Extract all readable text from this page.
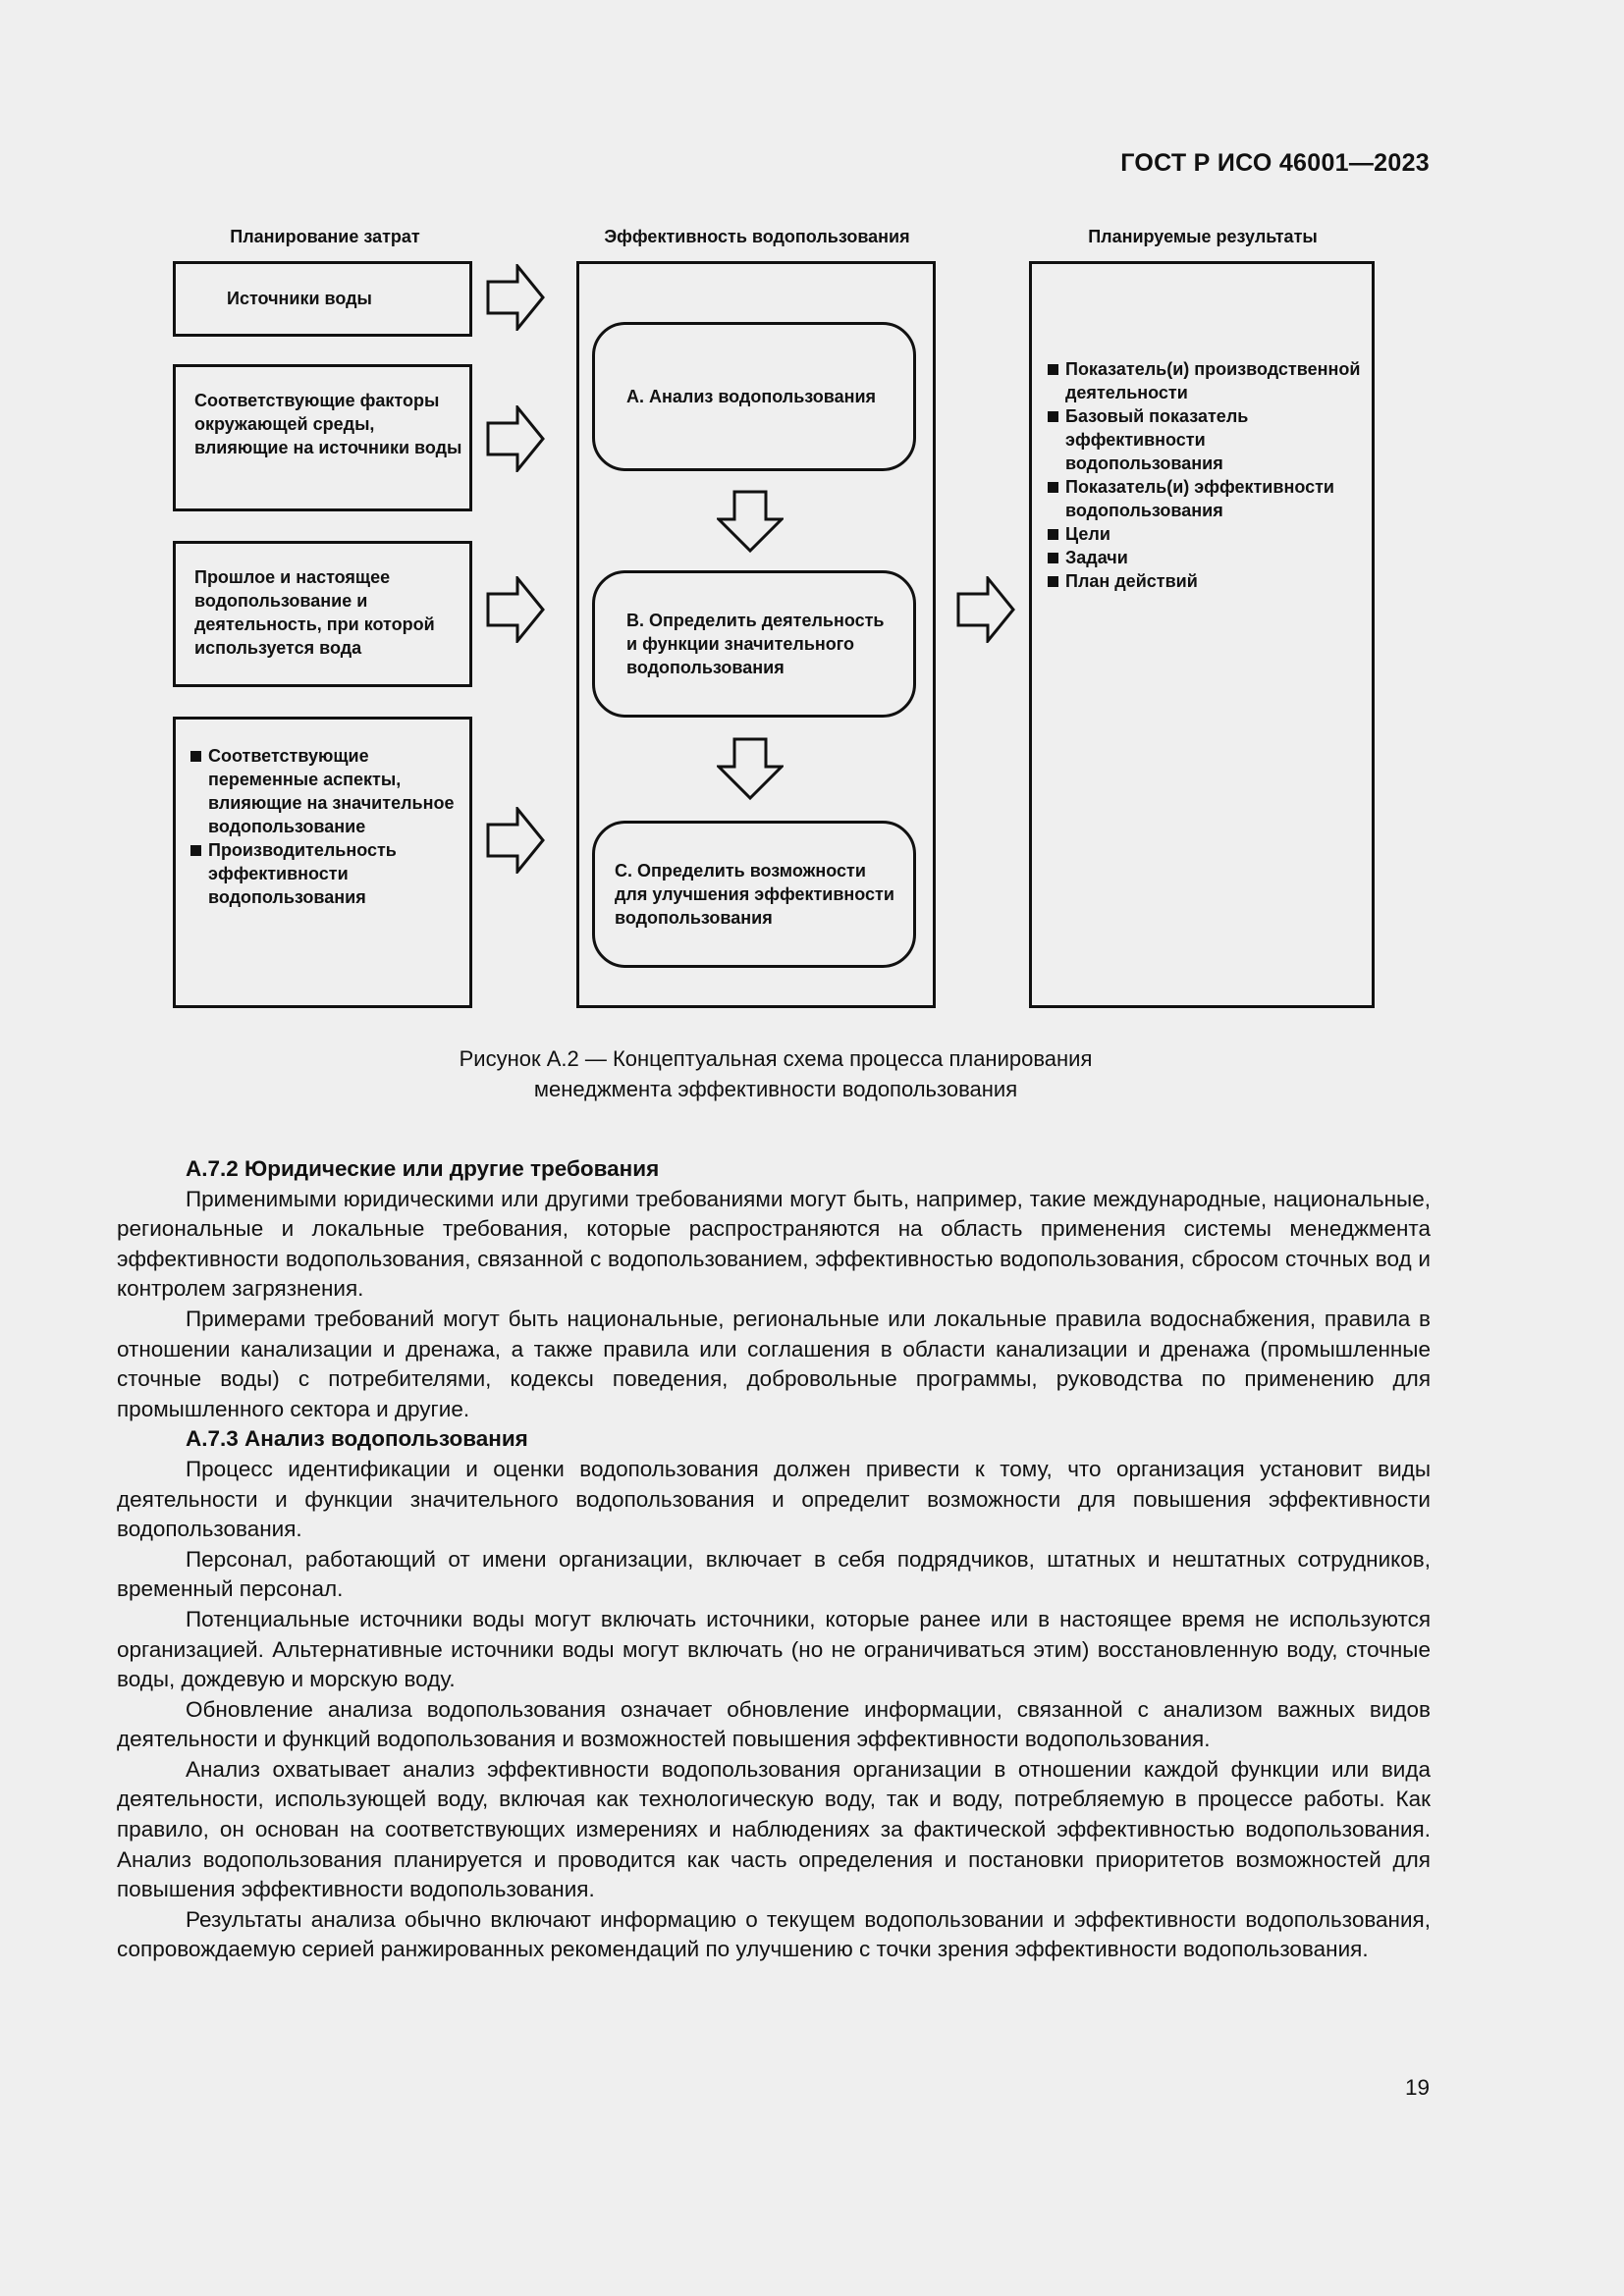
ГОСТ Р ИСО 46001—2023
Планирование затрат	Эффективность водопользования	Планируемые результаты
Источники воды
Соответствующие факторы окружающей среды, влияющие на источники воды
Прошлое и настоящее водопользование и деятельность, при которой используется вода
Соответствующие переменные аспекты, влияющие на значительное водопользование
Производительность эффективности водопользования
А. Анализ водопользования
В. Определить деятельность и функции значительного водопользования
С. Определить возможности для улучшения эффективности водопользования
Показатель(и) производственной деятельности
Базовый показатель эффективности водопользования
Показатель(и) эффективности водопользования
Цели
Задачи
План действий
Рисунок А.2 — Концептуальная схема процесса планирования
менеджмента эффективности водопользования
А.7.2 Юридические или другие требования

Применимыми юридическими или другими требованиями могут быть, например, такие международные, национальные, региональные и локальные требования, которые распространяются на область применения системы менеджмента эффективности водопользования, связанной с водопользованием, эффективностью водопользования, сбросом сточных вод и контролем загрязнения.

Примерами требований могут быть национальные, региональные или локальные правила водоснабжения, правила в отношении канализации и дренажа, а также правила или соглашения в области канализации и дренажа (промышленные сточные воды) с потребителями, кодексы поведения, добровольные программы, руководства по применению для промышленного сектора и другие.

А.7.3 Анализ водопользования

Процесс идентификации и оценки водопользования должен привести к тому, что организация установит виды деятельности и функции значительного водопользования и определит возможности для повышения эффективности водопользования.

Персонал, работающий от имени организации, включает в себя подрядчиков, штатных и нештатных сотрудников, временный персонал.

Потенциальные источники воды могут включать источники, которые ранее или в настоящее время не используются организацией. Альтернативные источники воды могут включать (но не ограничиваться этим) восстановленную воду, сточные воды, дождевую и морскую воду.

Обновление анализа водопользования означает обновление информации, связанной с анализом важных видов деятельности и функций водопользования и возможностей повышения эффективности водопользования.

Анализ охватывает анализ эффективности водопользования организации в отношении каждой функции или вида деятельности, использующей воду, включая как технологическую воду, так и воду, потребляемую в процессе работы. Как правило, он основан на соответствующих измерениях и наблюдениях за фактической эффективностью водопользования. Анализ водопользования планируется и проводится как часть определения и постановки приоритетов возможностей для повышения эффективности водопользования.

Результаты анализа обычно включают информацию о текущем водопользовании и эффективности водопользования, сопровождаемую серией ранжированных рекомендаций по улучшению с точки зрения эффективности водопользования.

19
